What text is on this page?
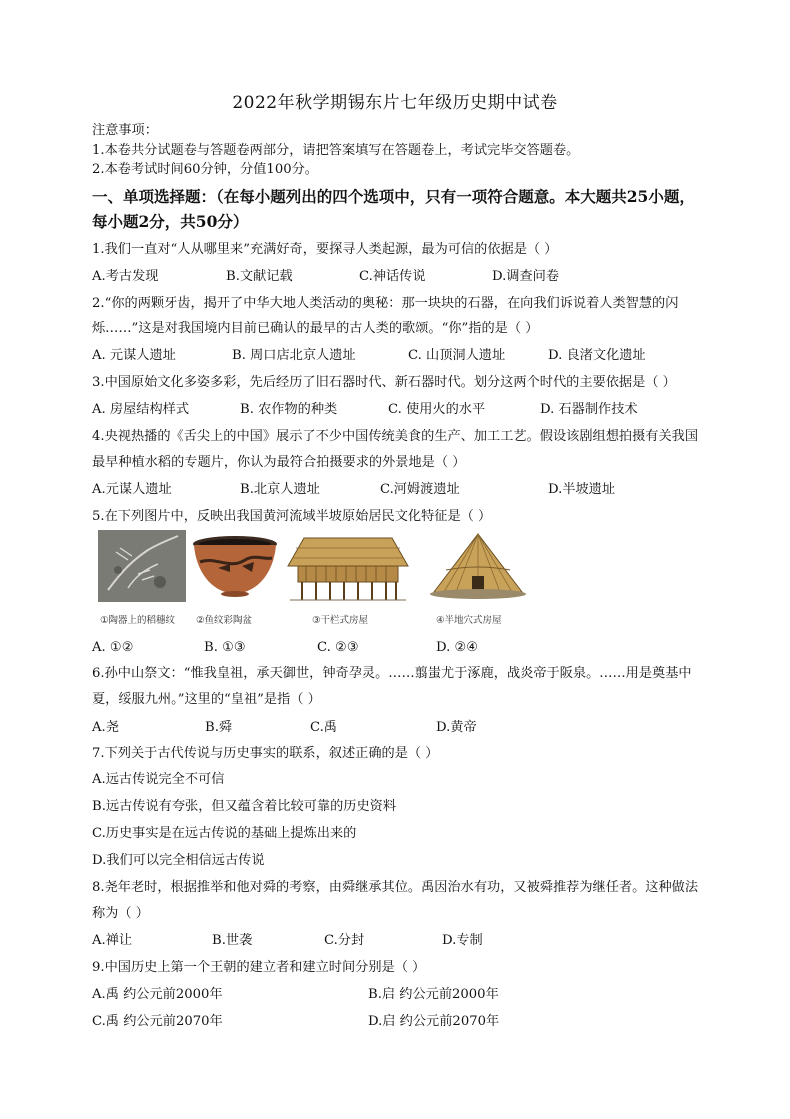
2022年秋学期锡东片七年级历史期中试卷
注意事项：
1.本卷共分试题卷与答题卷两部分，请把答案填写在答题卷上，考试完毕交答题卷。
2.本卷考试时间60分钟，分值100分。
一、单项选择题：（在每小题列出的四个选项中，只有一项符合题意。本大题共25小题，
每小题2分，共50分）
1.我们一直对“人从哪里来”充满好奇，要探寻人类起源，最为可信的依据是（ ）
A.考古发现	B.文献记载	C.神话传说	D.调查问卷
2.“你的两颗牙齿，揭开了中华大地人类活动的奥秘：那一块块的石器，在向我们诉说着人类智慧的闪
烁……”这是对我国境内目前已确认的最早的古人类的歌颂。“你”指的是（ ）
A. 元谋人遗址	B. 周口店北京人遗址	C. 山顶洞人遗址	D. 良渚文化遗址
3.中国原始文化多姿多彩，先后经历了旧石器时代、新石器时代。划分这两个时代的主要依据是（ ）
A. 房屋结构样式	B. 农作物的种类	C. 使用火的水平	D. 石器制作技术
4.央视热播的《舌尖上的中国》展示了不少中国传统美食的生产、加工工艺。假设该剧组想拍摄有关我国
最早种植水稻的专题片，你认为最符合拍摄要求的外景地是（ ）
A.元谋人遗址	B.北京人遗址	C.河姆渡遗址	D.半坡遗址
5.在下列图片中，反映出我国黄河流域半坡原始居民文化特征是（ ）
①陶器上的稻穗纹 ②鱼纹彩陶盆	③干栏式房屋	④半地穴式房屋
A. ①②	B. ①③	C. ②③	D. ②④
6.孙中山祭文：“惟我皇祖，承天御世，钟奇孕灵。……翦蚩尤于涿鹿，战炎帝于阪泉。……用是奠基中
夏，绥服九州。”这里的“皇祖”是指（ ）
A.尧	B.舜	C.禹	D.黄帝
7.下列关于古代传说与历史事实的联系，叙述正确的是（ ）
A.远古传说完全不可信
B.远古传说有夸张，但又蕴含着比较可靠的历史资料
C.历史事实是在远古传说的基础上提炼出来的
D.我们可以完全相信远古传说
8.尧年老时，根据推举和他对舜的考察，由舜继承其位。禹因治水有功，又被舜推荐为继任者。这种做法
称为（ ）
A.禅让	B.世袭	C.分封	D.专制
9.中国历史上第一个王朝的建立者和建立时间分别是（ ）
A.禹 约公元前2000年	B.启 约公元前2000年
C.禹 约公元前2070年	D.启 约公元前2070年
